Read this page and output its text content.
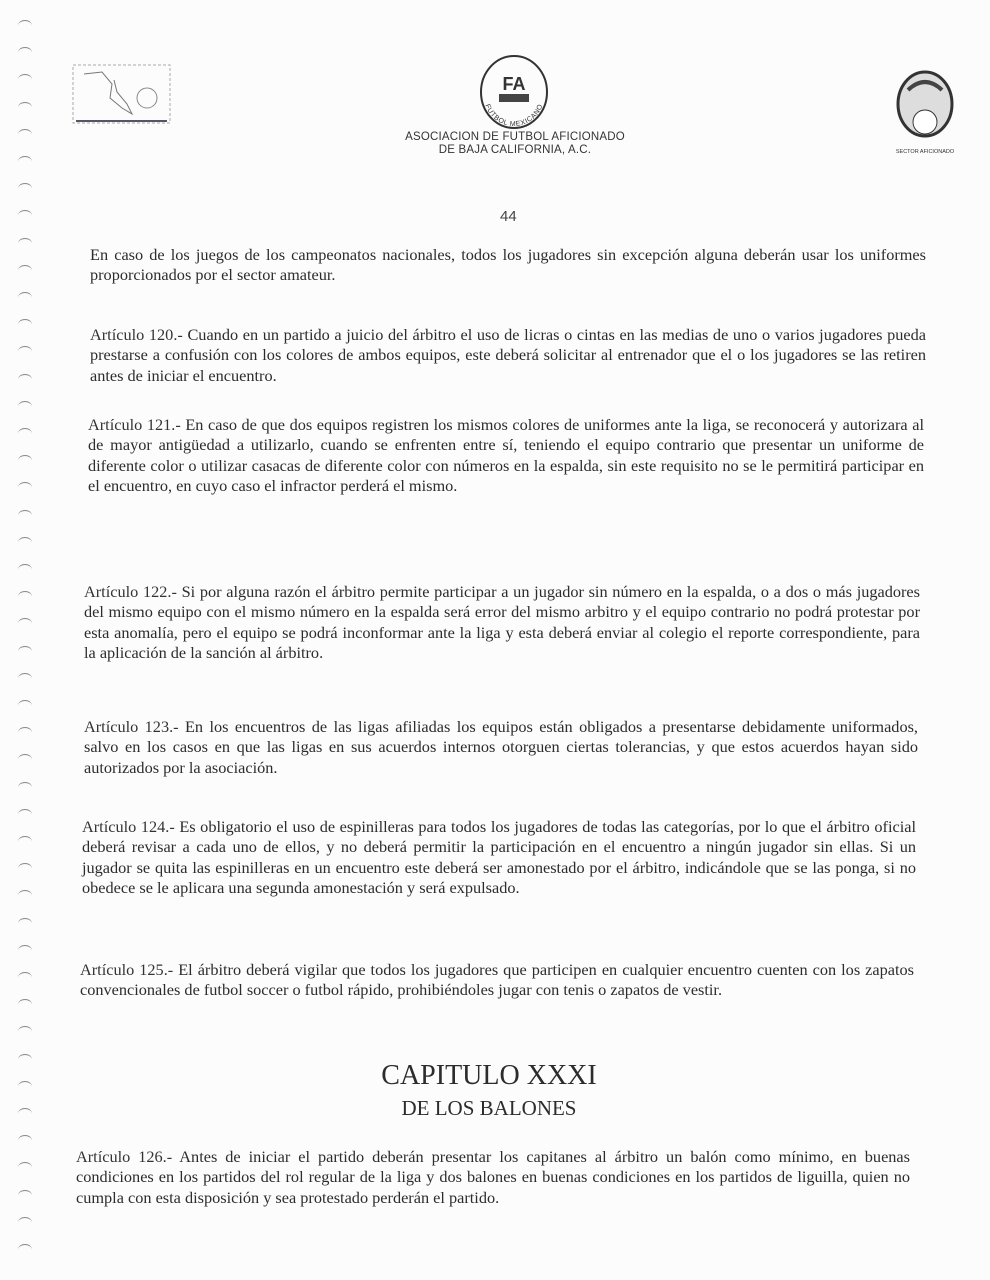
FA
FUTBOL MEXICANO
ASOCIACION DE FUTBOL AFICIONADO
DE BAJA CALIFORNIA, A.C.	SECTOR AFICIONADO
44

En caso de los juegos de los campeonatos nacionales, todos los jugadores sin excepción alguna deberán usar los uniformes proporcionados por el sector amateur.

Artículo 120.- Cuando en un partido a juicio del árbitro el uso de licras o cintas en las medias de uno o varios jugadores pueda prestarse a confusión con los colores de ambos equipos, este deberá solicitar al entrenador que el o los jugadores se las retiren antes de iniciar el encuentro.

Artículo 121.- En caso de que dos equipos registren los mismos colores de uniformes ante la liga, se reconocerá y autorizara al de mayor antigüedad a utilizarlo, cuando se enfrenten entre sí, teniendo el equipo contrario que presentar un uniforme de diferente color o utilizar casacas de diferente color con números en la espalda, sin este requisito no se le permitirá participar en el encuentro, en cuyo caso el infractor perderá el mismo.

Artículo 122.- Si por alguna razón el árbitro permite participar a un jugador sin número en la espalda, o a dos o más jugadores del mismo equipo con el mismo número en la espalda será error del mismo arbitro y el equipo contrario no podrá protestar por esta anomalía, pero el equipo se podrá inconformar ante la liga y esta deberá enviar al colegio el reporte correspondiente, para la aplicación de la sanción al árbitro.

Artículo 123.- En los encuentros de las ligas afiliadas los equipos están obligados a presentarse debidamente uniformados, salvo en los casos en que las ligas en sus acuerdos internos otorguen ciertas tolerancias, y que estos acuerdos hayan sido autorizados por la asociación.

Artículo 124.- Es obligatorio el uso de espinilleras para todos los jugadores de todas las categorías, por lo que el árbitro oficial deberá revisar a cada uno de ellos, y no deberá permitir la participación en el encuentro a ningún jugador sin ellas. Si un jugador se quita las espinilleras en un encuentro este deberá ser amonestado por el árbitro, indicándole que se las ponga, si no obedece se le aplicara una segunda amonestación y será expulsado.

Artículo 125.- El árbitro deberá vigilar que todos los jugadores que participen en cualquier encuentro cuenten con los zapatos convencionales de futbol soccer o futbol rápido, prohibiéndoles jugar con tenis o zapatos de vestir.

CAPITULO XXXI
DE LOS BALONES

Artículo 126.- Antes de iniciar el partido deberán presentar los capitanes al árbitro un balón como mínimo, en buenas condiciones en los partidos del rol regular de la liga y dos balones en buenas condiciones en los partidos de liguilla, quien no cumpla con esta disposición y sea protestado perderán el partido.
